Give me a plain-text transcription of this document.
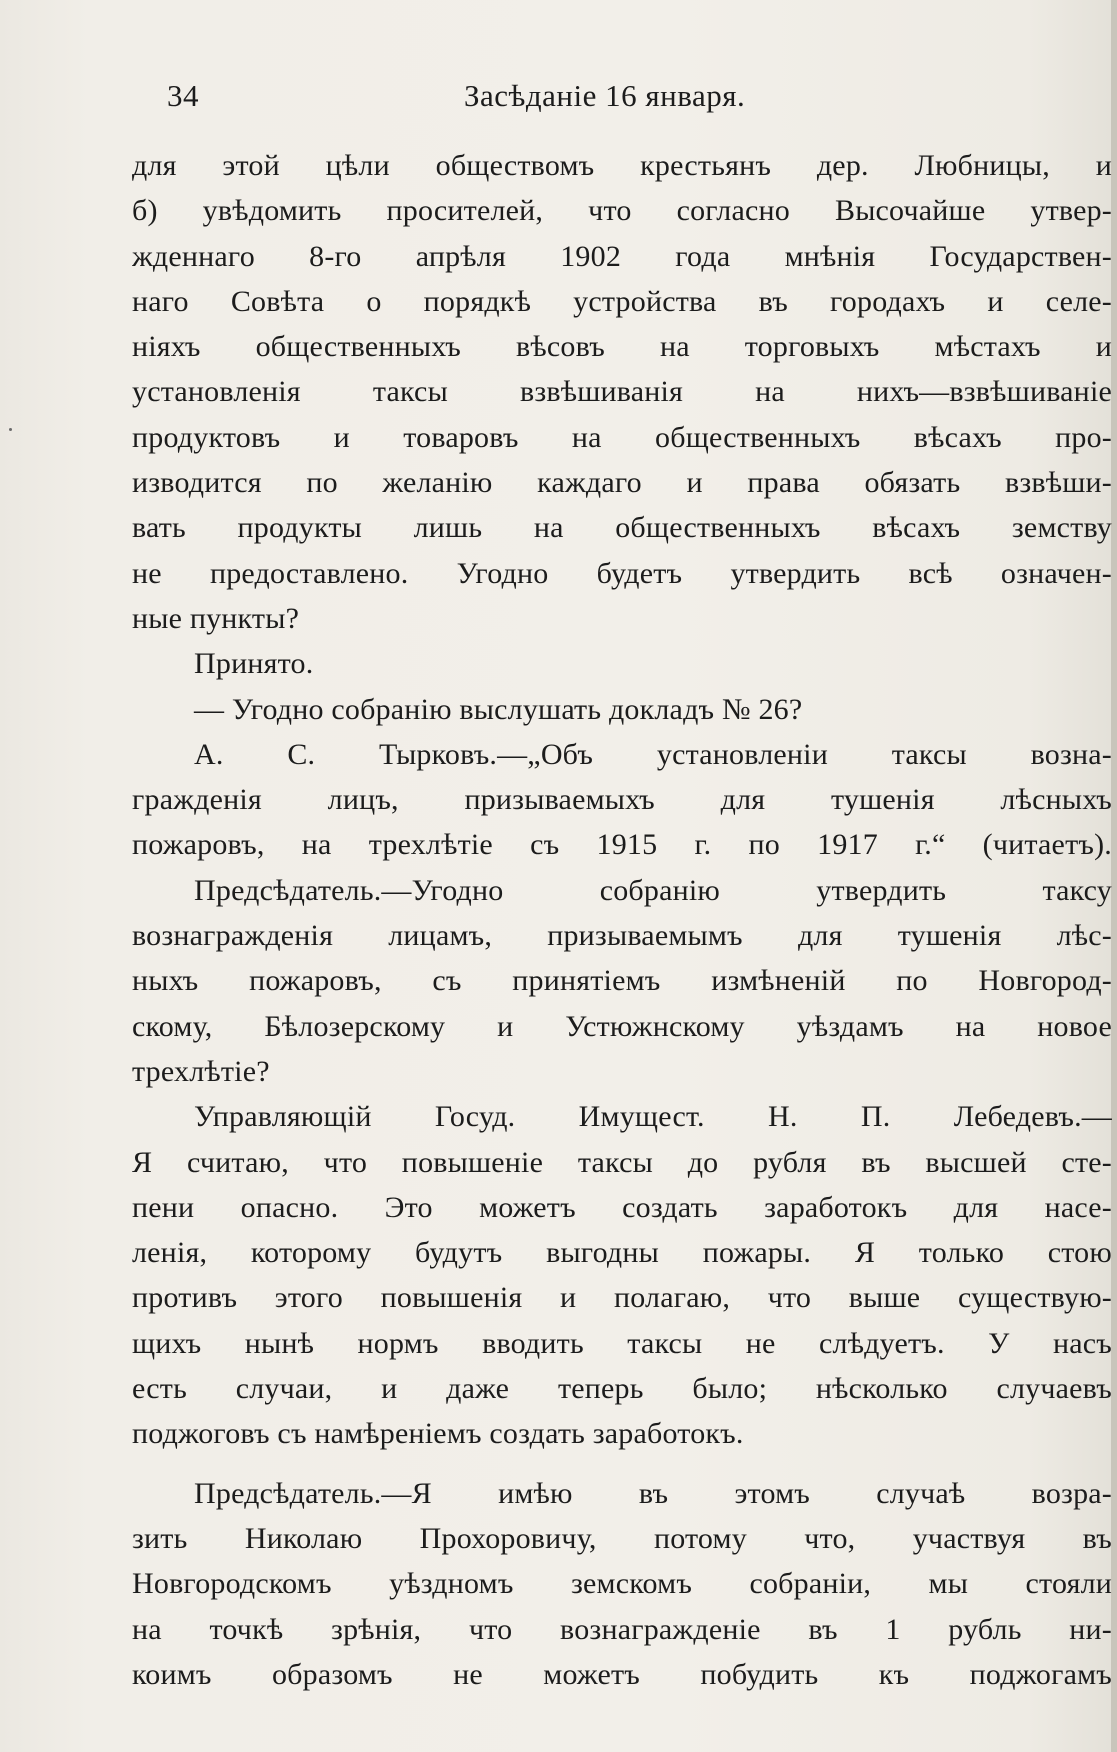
34	Засѣданіе 16 января.
для этой цѣли обществомъ крестьянъ дер. Любницы, и
б) увѣдомить просителей, что согласно Высочайше утвер-
жденнаго 8-го апрѣля 1902 года мнѣнія Государствен-
наго Совѣта о порядкѣ устройства въ городахъ и селе-
ніяхъ общественныхъ вѣсовъ на торговыхъ мѣстахъ и
установленія таксы взвѣшиванія на нихъ—взвѣшиваніе
продуктовъ и товаровъ на общественныхъ вѣсахъ про-
изводится по желанію каждаго и права обязать взвѣши-
вать продукты лишь на общественныхъ вѣсахъ земству
не предоставлено. Угодно будетъ утвердить всѣ означен-
ные пункты?
Принято.
— Угодно собранію выслушать докладъ № 26?
А. С. Тырковъ.—„Объ установленіи таксы возна-
гражденія лицъ, призываемыхъ для тушенія лѣсныхъ
пожаровъ, на трехлѣтіе съ 1915 г. по 1917 г.“ (читаетъ).
Предсѣдатель.—Угодно собранію утвердить таксу
вознагражденія лицамъ, призываемымъ для тушенія лѣс-
ныхъ пожаровъ, съ принятіемъ измѣненій по Новгород-
скому, Бѣлозерскому и Устюжнскому уѣздамъ на новое
трехлѣтіе?
Управляющій Госуд. Имущест. Н. П. Лебедевъ.—
Я считаю, что повышеніе таксы до рубля въ высшей сте-
пени опасно. Это можетъ создать заработокъ для насе-
ленія, которому будутъ выгодны пожары. Я только стою
противъ этого повышенія и полагаю, что выше существую-
щихъ нынѣ нормъ вводить таксы не слѣдуетъ. У насъ
есть случаи, и даже теперь было; нѣсколько случаевъ
поджоговъ съ намѣреніемъ создать заработокъ.
Предсѣдатель.—Я имѣю въ этомъ случаѣ возра-
зить Николаю Прохоровичу, потому что, участвуя въ
Новгородскомъ уѣздномъ земскомъ собраніи, мы стояли
на точкѣ зрѣнія, что вознагражденіе въ 1 рубль ни-
коимъ образомъ не можетъ побудить къ поджогамъ
